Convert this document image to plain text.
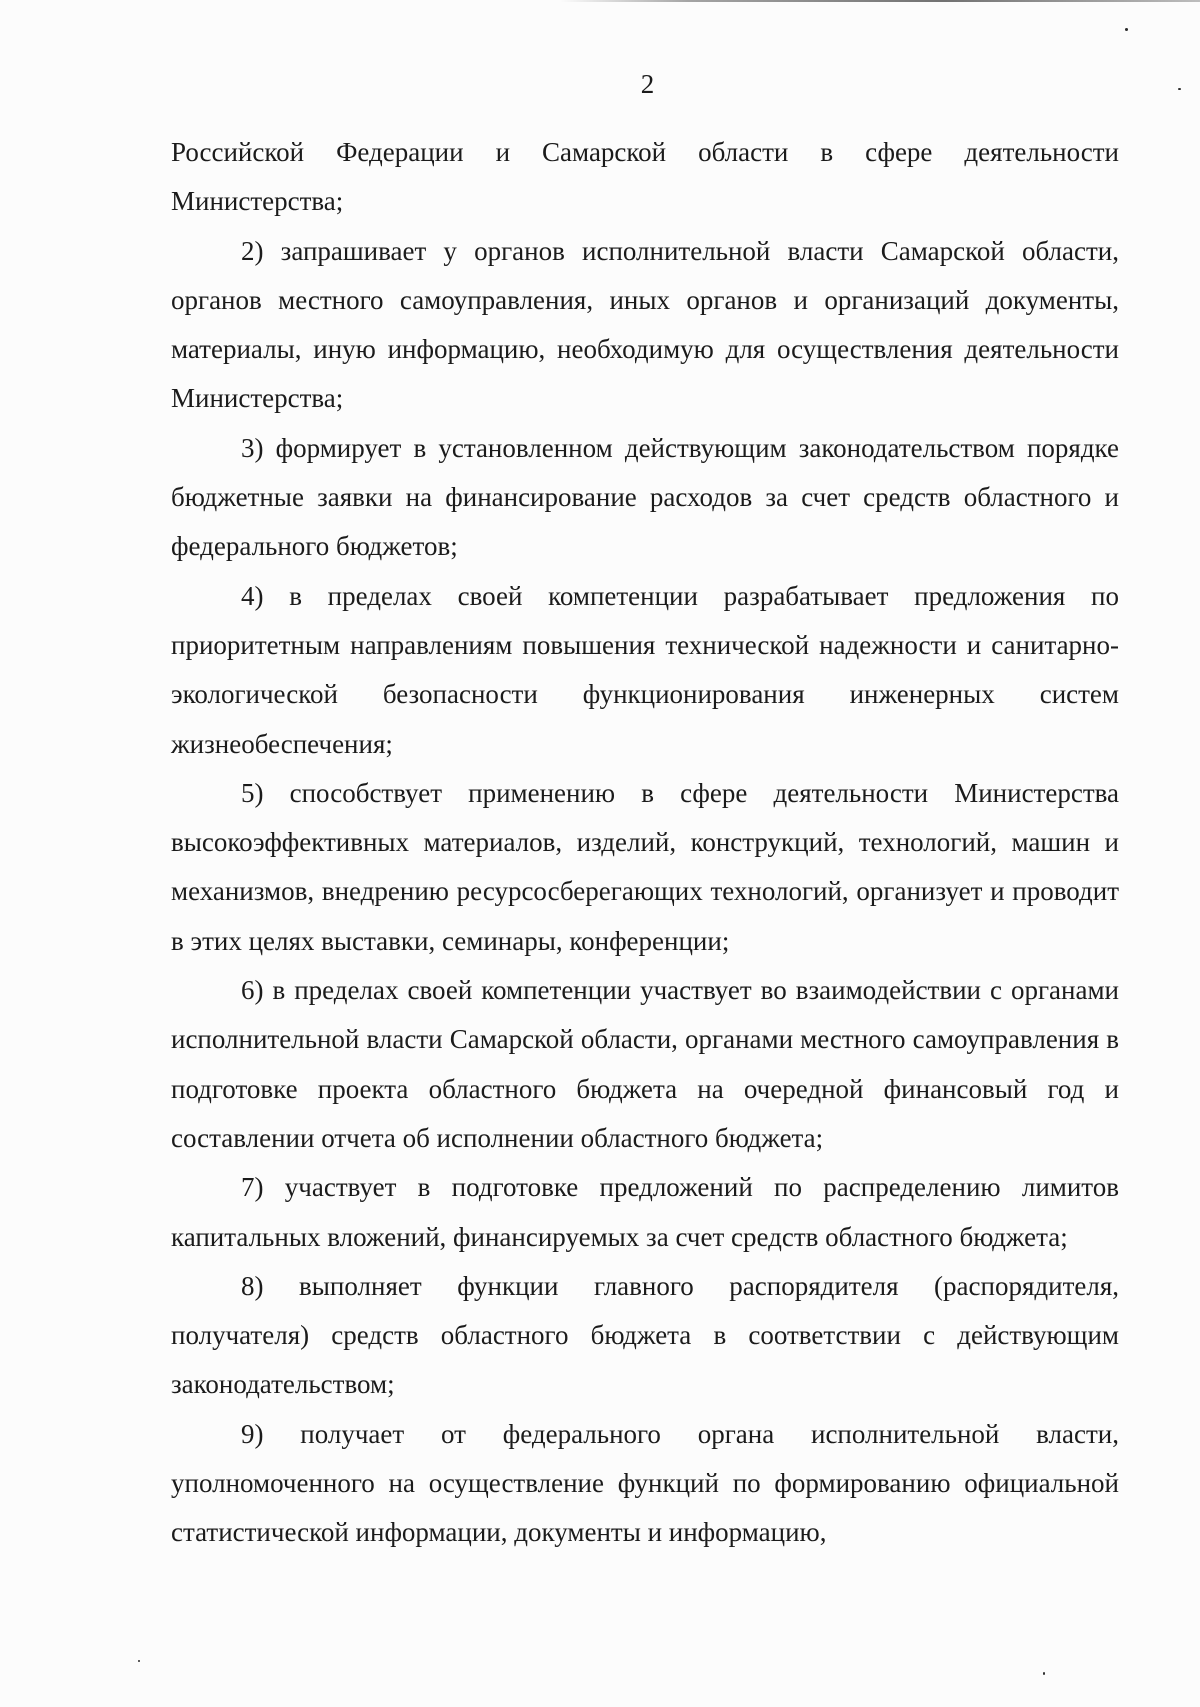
2

Российской Федерации и Самарской области в сфере деятельности Министерства;

2) запрашивает у органов исполнительной власти Самарской области, органов местного самоуправления, иных органов и организаций документы, материалы, иную информацию, необходимую для осуществления деятельности Министерства;

3) формирует в установленном действующим законодательством порядке бюджетные заявки на финансирование расходов за счет средств областного и федерального бюджетов;

4) в пределах своей компетенции разрабатывает предложения по приоритетным направлениям повышения технической надежности и санитарно-экологической безопасности функционирования инженерных систем жизнеобеспечения;

5) способствует применению в сфере деятельности Министерства высокоэффективных материалов, изделий, конструкций, технологий, машин и механизмов, внедрению ресурсосберегающих технологий, организует и проводит в этих целях выставки, семинары, конференции;

6) в пределах своей компетенции участвует во взаимодействии с органами исполнительной власти Самарской области, органами местного самоуправления в подготовке проекта областного бюджета на очередной финансовый год и составлении отчета об исполнении областного бюджета;

7) участвует в подготовке предложений по распределению лимитов капитальных вложений, финансируемых за счет средств областного бюджета;

8) выполняет функции главного распорядителя (распорядителя, получателя) средств областного бюджета в соответствии с действующим законодательством;

9) получает от федерального органа исполнительной власти, уполномоченного на осуществление функций по формированию официальной статистической информации, документы и информацию,
